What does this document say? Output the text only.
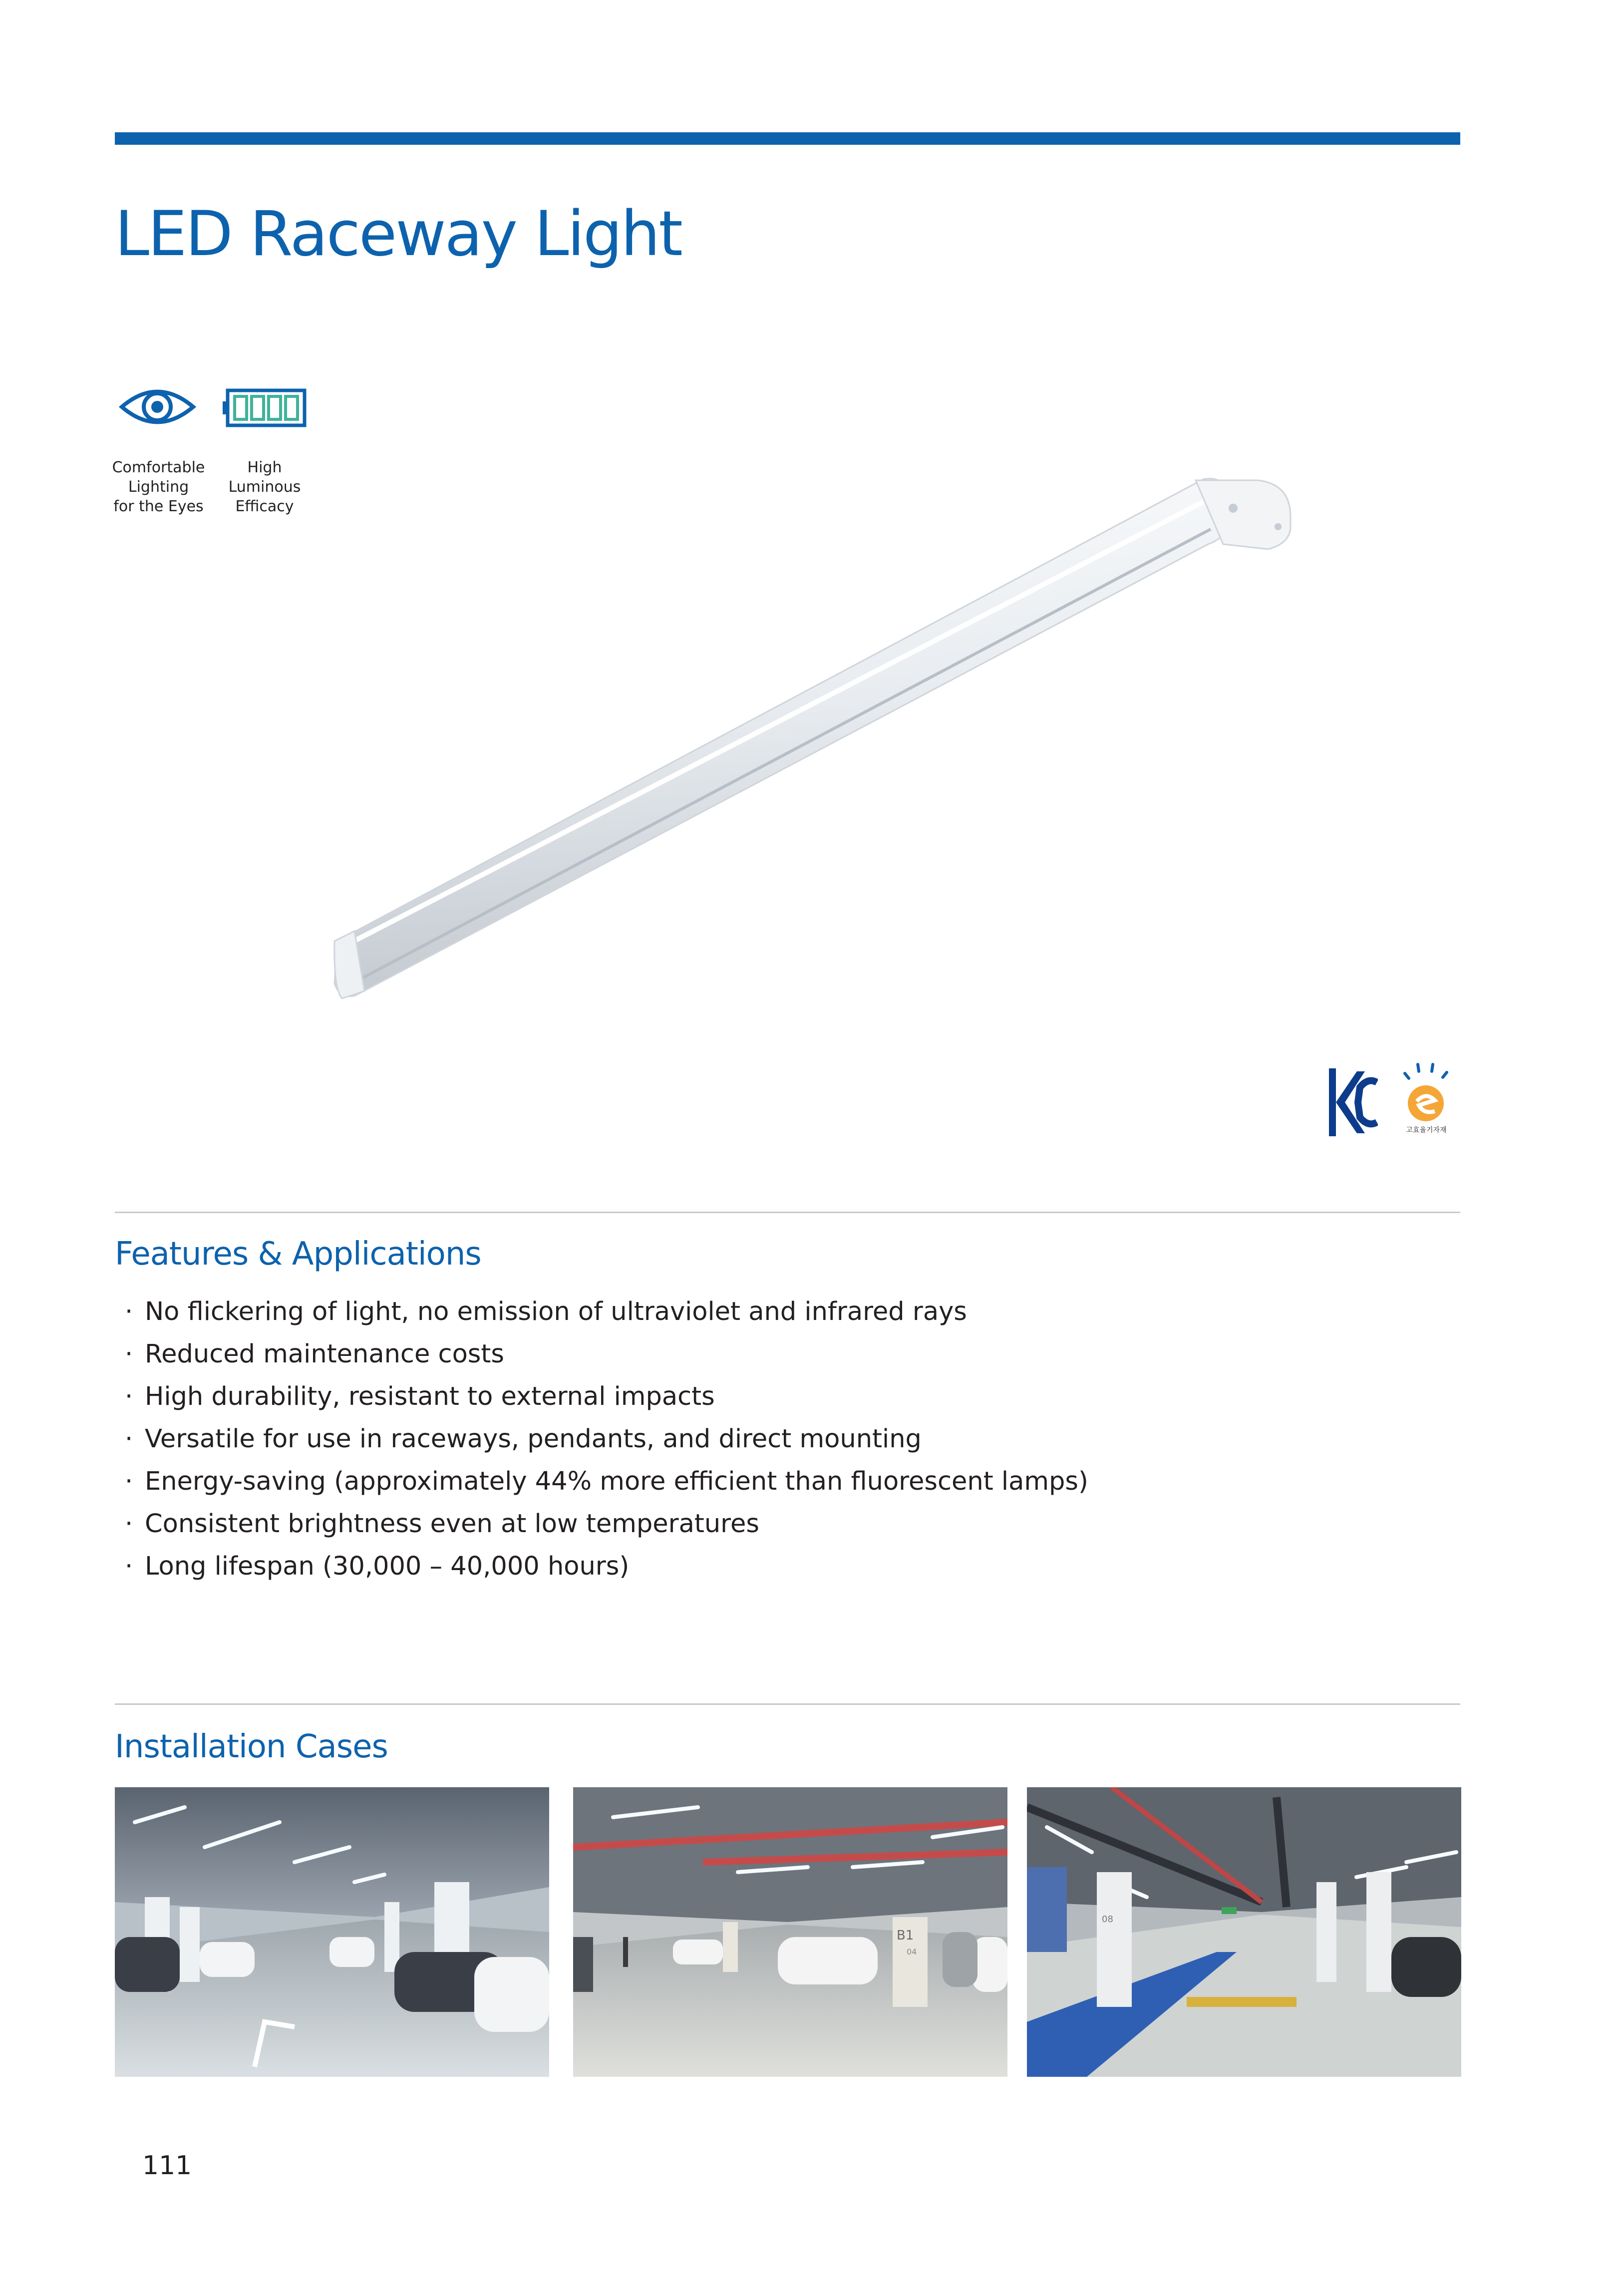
LED Raceway Light
Comfortable
Lighting
for the Eyes
High
Luminous
Efficacy
고효율기자재
Features & Applications
· No flickering of light, no emission of ultraviolet and infrared rays
· Reduced maintenance costs
· High durability, resistant to external impacts
· Versatile for use in raceways, pendants, and direct mounting
· Energy-saving (approximately 44% more efficient than fluorescent lamps)
· Consistent brightness even at low temperatures
· Long lifespan (30,000 – 40,000 hours)
Installation Cases
B1
04
08
111
